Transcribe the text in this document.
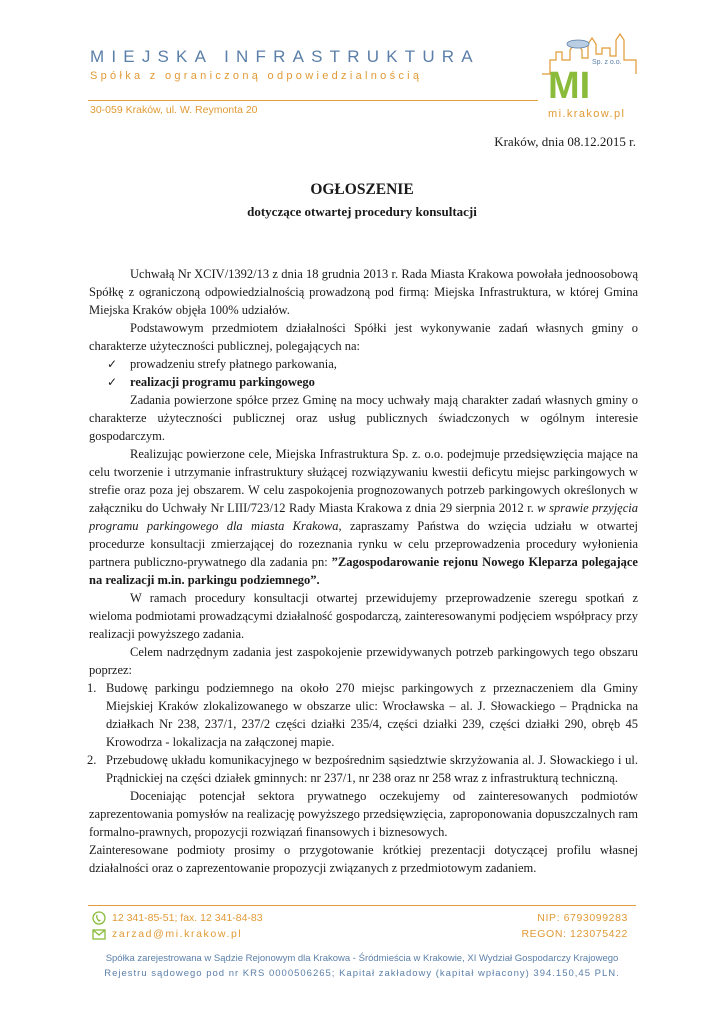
MIEJSKA INFRASTRUKTURA
Spółka z ograniczoną odpowiedzialnością
30-059 Kraków, ul. W. Reymonta 20
MI
Sp. z o.o.
mi.krakow.pl
Kraków, dnia 08.12.2015 r.
OGŁOSZENIE
dotyczące otwartej procedury konsultacji

Uchwałą Nr XCIV/1392/13 z dnia 18 grudnia 2013 r. Rada Miasta Krakowa powołała jednoosobową Spółkę z ograniczoną odpowiedzialnością prowadzoną pod firmą: Miejska Infrastruktura, w której Gmina Miejska Kraków objęła 100% udziałów.

Podstawowym przedmiotem działalności Spółki jest wykonywanie zadań własnych gminy o charakterze użyteczności publicznej, polegających na:

✓ prowadzeniu strefy płatnego parkowania,
✓ realizacji programu parkingowego

Zadania powierzone spółce przez Gminę na mocy uchwały mają charakter zadań własnych gminy o charakterze użyteczności publicznej oraz usług publicznych świadczonych w ogólnym interesie gospodarczym.

Realizując powierzone cele, Miejska Infrastruktura Sp. z. o.o. podejmuje przedsięwzięcia mające na celu tworzenie i utrzymanie infrastruktury służącej rozwiązywaniu kwestii deficytu miejsc parkingowych w strefie oraz poza jej obszarem. W celu zaspokojenia prognozowanych potrzeb parkingowych określonych w załączniku do Uchwały Nr LIII/723/12 Rady Miasta Krakowa z dnia 29 sierpnia 2012 r. w sprawie przyjęcia programu parkingowego dla miasta Krakowa, zapraszamy Państwa do wzięcia udziału w otwartej procedurze konsultacji zmierzającej do rozeznania rynku w celu przeprowadzenia procedury wyłonienia partnera publiczno-prywatnego dla zadania pn: ”Zagospodarowanie rejonu Nowego Kleparza polegające na realizacji m.in. parkingu podziemnego”.

W ramach procedury konsultacji otwartej przewidujemy przeprowadzenie szeregu spotkań z wieloma podmiotami prowadzącymi działalność gospodarczą, zainteresowanymi podjęciem współpracy przy realizacji powyższego zadania.

Celem nadrzędnym zadania jest zaspokojenie przewidywanych potrzeb parkingowych tego obszaru poprzez:

1. Budowę parkingu podziemnego na około 270 miejsc parkingowych z przeznaczeniem dla Gminy Miejskiej Kraków zlokalizowanego w obszarze ulic: Wrocławska – al. J. Słowackiego – Prądnicka na działkach Nr 238, 237/1, 237/2 części działki 235/4, części działki 239, części działki 290, obręb 45 Krowodrza - lokalizacja na załączonej mapie.
2. Przebudowę układu komunikacyjnego w bezpośrednim sąsiedztwie skrzyżowania al. J. Słowackiego i ul. Prądnickiej na części działek gminnych: nr 237/1, nr 238 oraz nr 258 wraz z infrastrukturą techniczną.

Doceniając potencjał sektora prywatnego oczekujemy od zainteresowanych podmiotów zaprezentowania pomysłów na realizację powyższego przedsięwzięcia, zaproponowania dopuszczalnych ram formalno-prawnych, propozycji rozwiązań finansowych i biznesowych.

Zainteresowane podmioty prosimy o przygotowanie krótkiej prezentacji dotyczącej profilu własnej działalności oraz o zaprezentowanie propozycji związanych z przedmiotowym zadaniem.

12 341-85-51; fax. 12 341-84-83
zarzad@mi.krakow.pl
NIP: 6793099283
REGON: 123075422
Spółka zarejestrowana w Sądzie Rejonowym dla Krakowa - Śródmieścia w Krakowie, XI Wydział Gospodarczy Krajowego
Rejestru sądowego pod nr KRS 0000506265; Kapitał zakładowy (kapitał wpłacony) 394.150,45 PLN.
